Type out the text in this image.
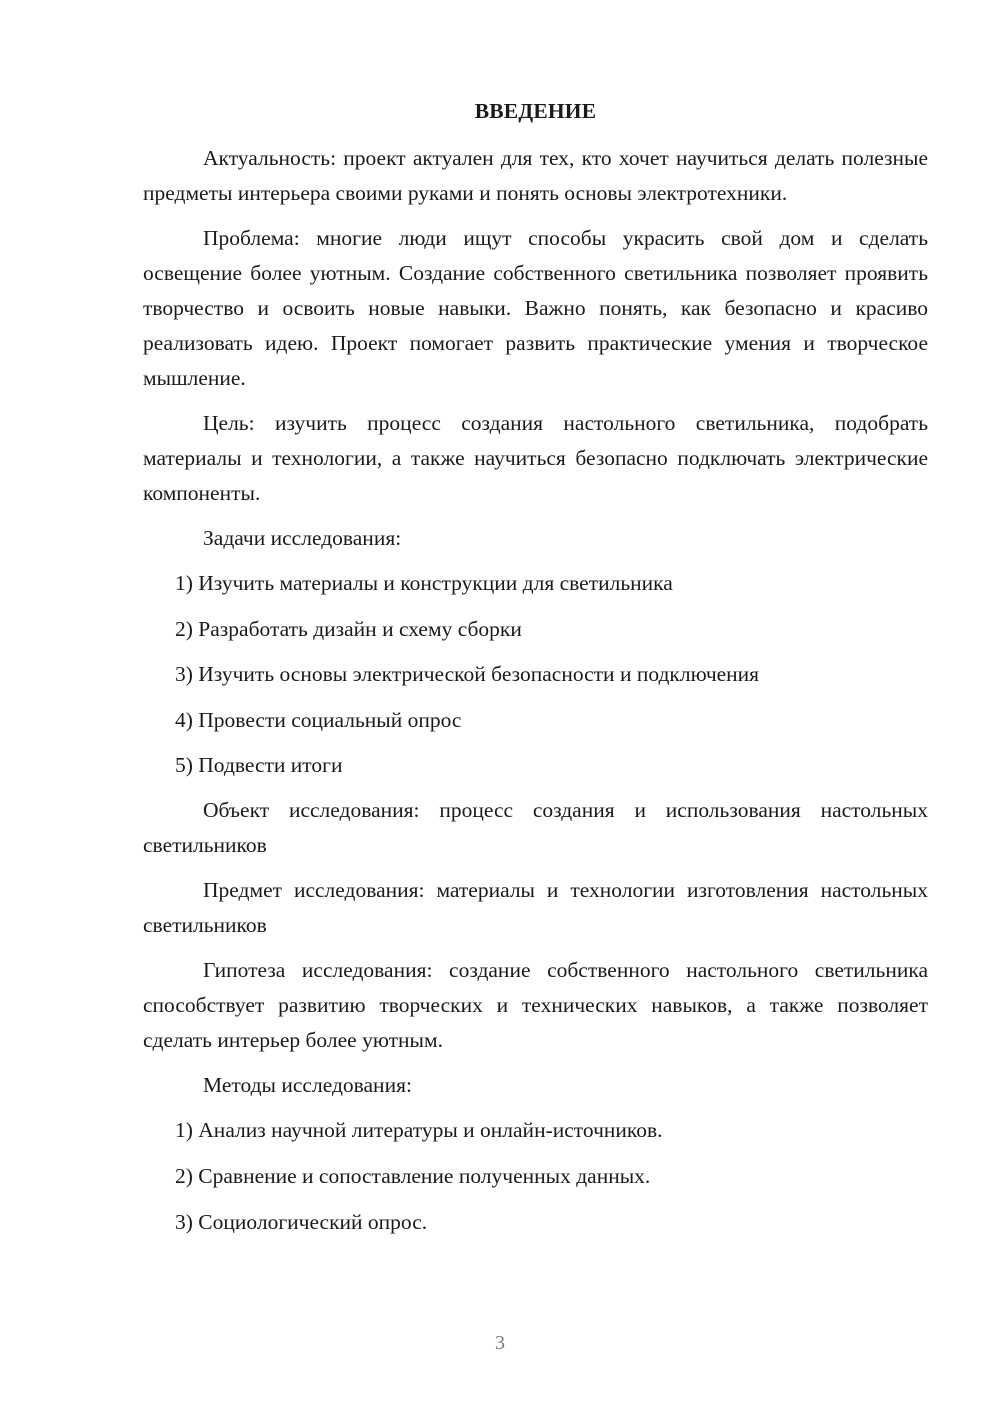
ВВЕДЕНИЕ

Актуальность: проект актуален для тех, кто хочет научиться делать полезные предметы интерьера своими руками и понять основы электротехники.

Проблема: многие люди ищут способы украсить свой дом и сделать освещение более уютным. Создание собственного светильника позволяет проявить творчество и освоить новые навыки. Важно понять, как безопасно и красиво реализовать идею. Проект помогает развить практические умения и творческое мышление.

Цель: изучить процесс создания настольного светильника, подобрать материалы и технологии, а также научиться безопасно подключать электрические компоненты.

Задачи исследования:

1) Изучить материалы и конструкции для светильника
2) Разработать дизайн и схему сборки
3) Изучить основы электрической безопасности и подключения
4) Провести социальный опрос
5) Подвести итоги

Объект исследования: процесс создания и использования настольных светильников

Предмет исследования: материалы и технологии изготовления настольных светильников

Гипотеза исследования: создание собственного настольного светильника способствует развитию творческих и технических навыков, а также позволяет сделать интерьер более уютным.

Методы исследования:

1) Анализ научной литературы и онлайн-источников.
2) Сравнение и сопоставление полученных данных.
3) Социологический опрос.
3
